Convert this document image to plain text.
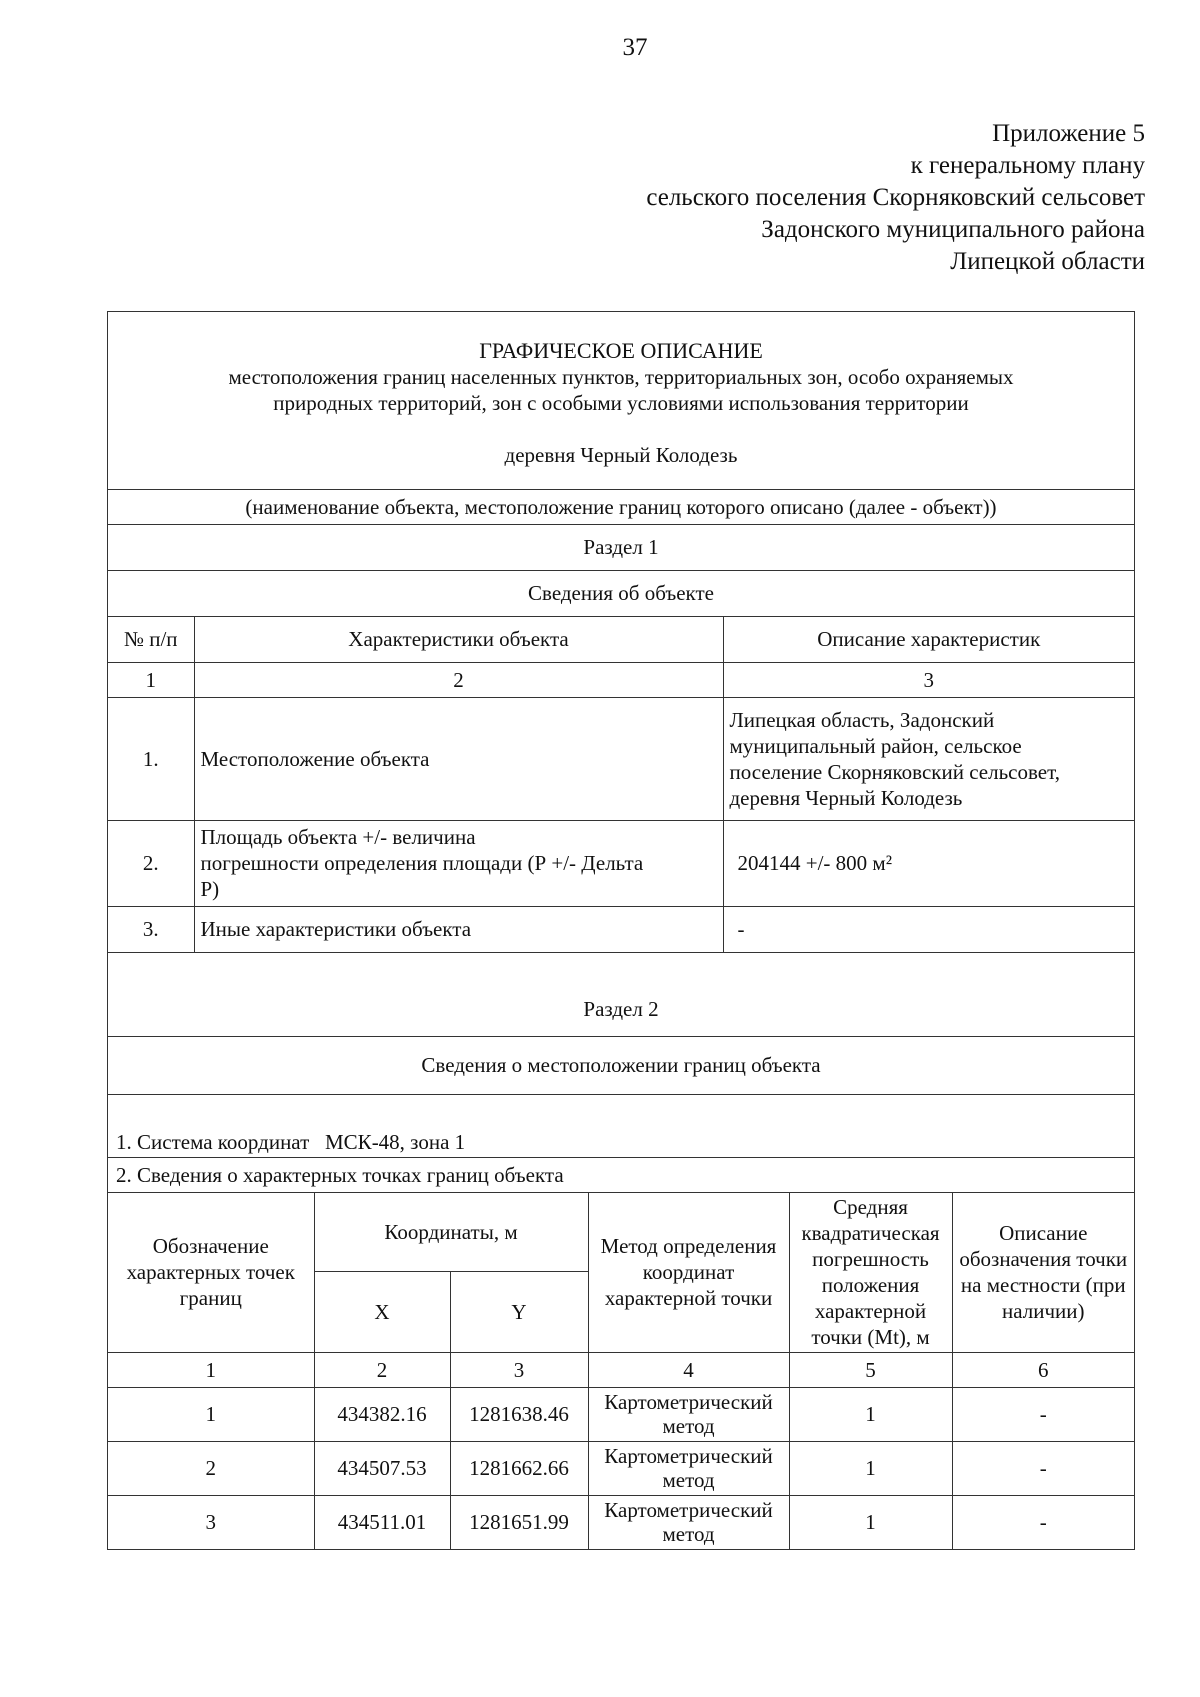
37
Приложение 5
к генеральному плану
сельского поселения Скорняковский сельсовет
Задонского муниципального района
Липецкой области
ГРАФИЧЕСКОЕ ОПИСАНИЕ
местоположения границ населенных пунктов, территориальных зон, особо охраняемых
природных территорий, зон с особыми условиями использования территории
деревня Черный Колодезь
(наименование объекта, местоположение границ которого описано (далее - объект))
Раздел 1
Сведения об объекте
№ п/п	Характеристики объекта	Описание характеристик
1	2	3
1.	Местоположение объекта	Липецкая область, Задонский
муниципальный район, сельское
поселение Скорняковский сельсовет,
деревня Черный Колодезь

2.	Площадь объекта +/- величина
погрешности определения площади (Р +/- Дельта
Р)	204144 +/- 800 м²
3.	Иные характеристики объекта	-
Раздел 2
Сведения о местоположении границ объекта
1. Система координат   МСК-48, зона 1
2. Сведения о характерных точках границ объекта
Обозначение характерных точек границ	Координаты, м		Метод определения координат характерной точки	Средняя квадратическая погрешность положения характерной точки (Mt), м	Описание обозначения точки на местности (при наличии)
	X	Y			
1	2	3	4	5	6
1	434382.16	1281638.46	Картометрический метод	1	-
2	434507.53	1281662.66	Картометрический метод	1	-
3	434511.01	1281651.99	Картометрический метод	1	-
